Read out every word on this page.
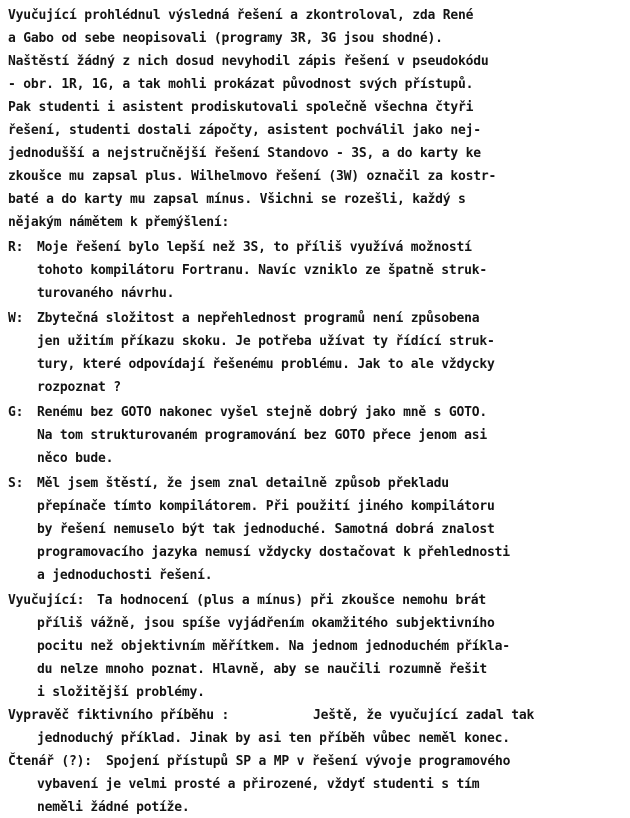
Vyučující prohlédnul výsledná řešení a zkontroloval, zda René
a Gabo od sebe neopisovali (programy 3R, 3G jsou shodné).
Naštěstí žádný z nich dosud nevyhodil zápis řešení v pseudokódu
- obr. 1R, 1G, a tak mohli prokázat původnost svých přístupů.
Pak studenti i asistent prodiskutovali společně všechna čtyři
řešení, studenti dostali zápočty, asistent pochválil jako nej-
jednodušší a nejstručnější řešení Standovo - 3S, a do karty ke
zkoušce mu zapsal plus. Wilhelmovo řešení (3W) označil za kostr-
baté a do karty mu zapsal mínus. Všichni se rozešli, každý s
nějakým námětem k přemýšlení:
R: Moje řešení bylo lepší než 3S, to příliš využívá možností
tohoto kompilátoru Fortranu. Navíc vzniklo ze špatně struk-
turovaného návrhu.
W: Zbytečná složitost a nepřehlednost programů není způsobena
jen užitím příkazu skoku. Je potřeba užívat ty řídící struk-
tury, které odpovídají řešenému problému. Jak to ale vždycky
rozpoznat ?
G: Renému bez GOTO nakonec vyšel stejně dobrý jako mně s GOTO.
Na tom strukturovaném programování bez GOTO přece jenom asi
něco bude.
S: Měl jsem štěstí, že jsem znal detailně způsob překladu
přepínače tímto kompilátorem. Při použití jiného kompilátoru
by řešení nemuselo být tak jednoduché. Samotná dobrá znalost
programovacího jazyka nemusí vždycky dostačovat k přehlednosti
a jednoduchosti řešení.
Vyučující: Ta hodnocení (plus a mínus) při zkoušce nemohu brát
příliš vážně, jsou spíše vyjádřením okamžitého subjektivního
pocitu než objektivním měřítkem. Na jednom jednoduchém příkla-
du nelze mnoho poznat. Hlavně, aby se naučili rozumně řešit
i složitější problémy.
Vypravěč fiktivního příběhu :	Ještě, že vyučující zadal tak
jednoduchý příklad. Jinak by asi ten příběh vůbec neměl konec.
Čtenář (?): Spojení přístupů SP a MP v řešení vývoje programového
vybavení je velmi prosté a přirozené, vždyť studenti s tím
neměli žádné potíže.
